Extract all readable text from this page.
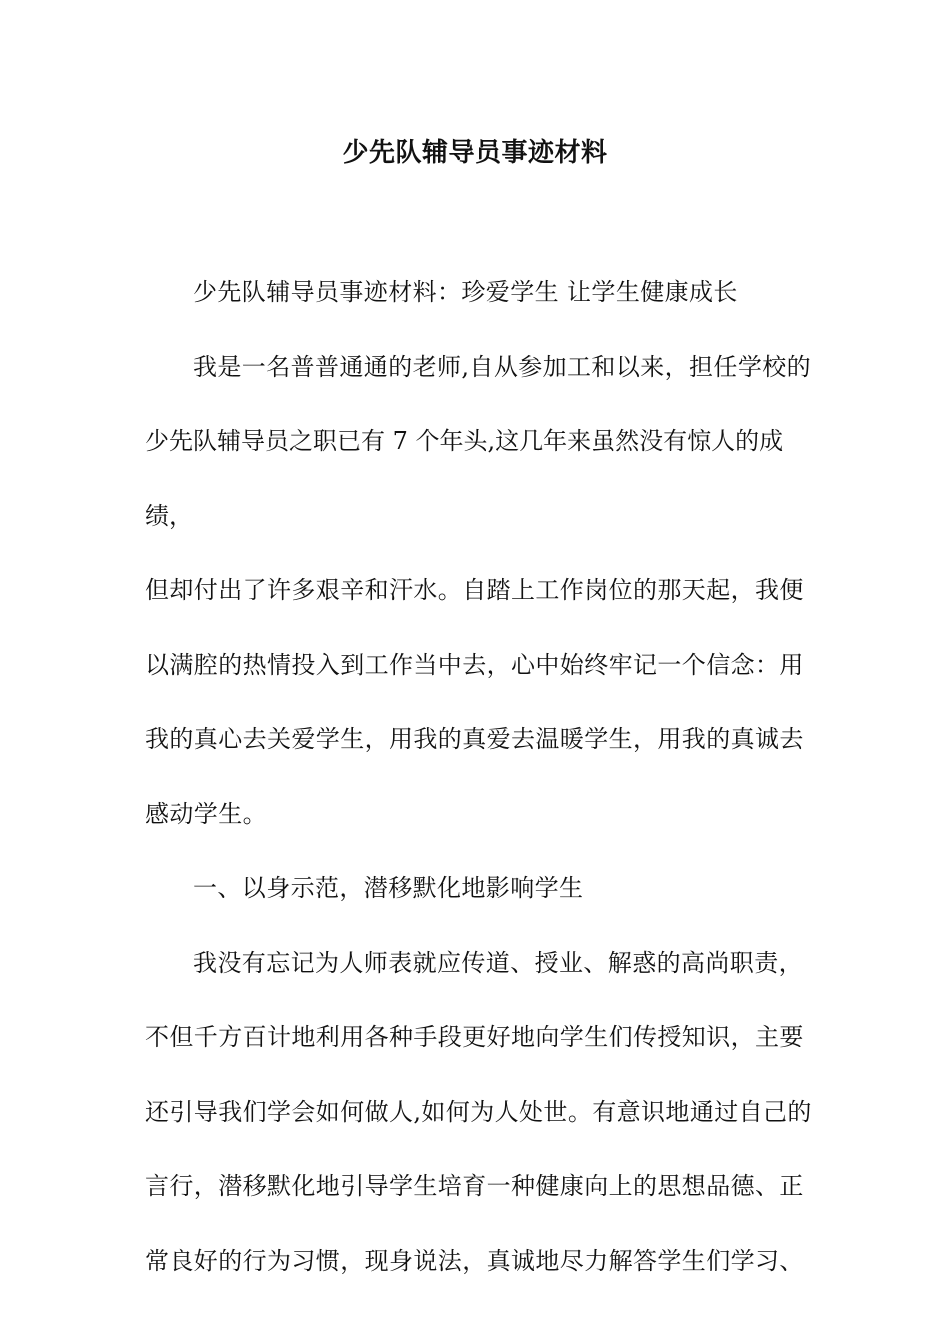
少先队辅导员事迹材料
少先队辅导员事迹材料：珍爱学生 让学生健康成长
我是一名普普通通的老师,自从参加工和以来，担任学校的
少先队辅导员之职已有 7 个年头,这几年来虽然没有惊人的成绩，
但却付出了许多艰辛和汗水。自踏上工作岗位的那天起，我便
以满腔的热情投入到工作当中去，心中始终牢记一个信念：用
我的真心去关爱学生，用我的真爱去温暖学生，用我的真诚去
感动学生。
一、以身示范，潜移默化地影响学生
我没有忘记为人师表就应传道、授业、解惑的高尚职责，
不但千方百计地利用各种手段更好地向学生们传授知识，主要
还引导我们学会如何做人,如何为人处世。有意识地通过自己的
言行，潜移默化地引导学生培育一种健康向上的思想品德、正
常良好的行为习惯，现身说法，真诚地尽力解答学生们学习、
